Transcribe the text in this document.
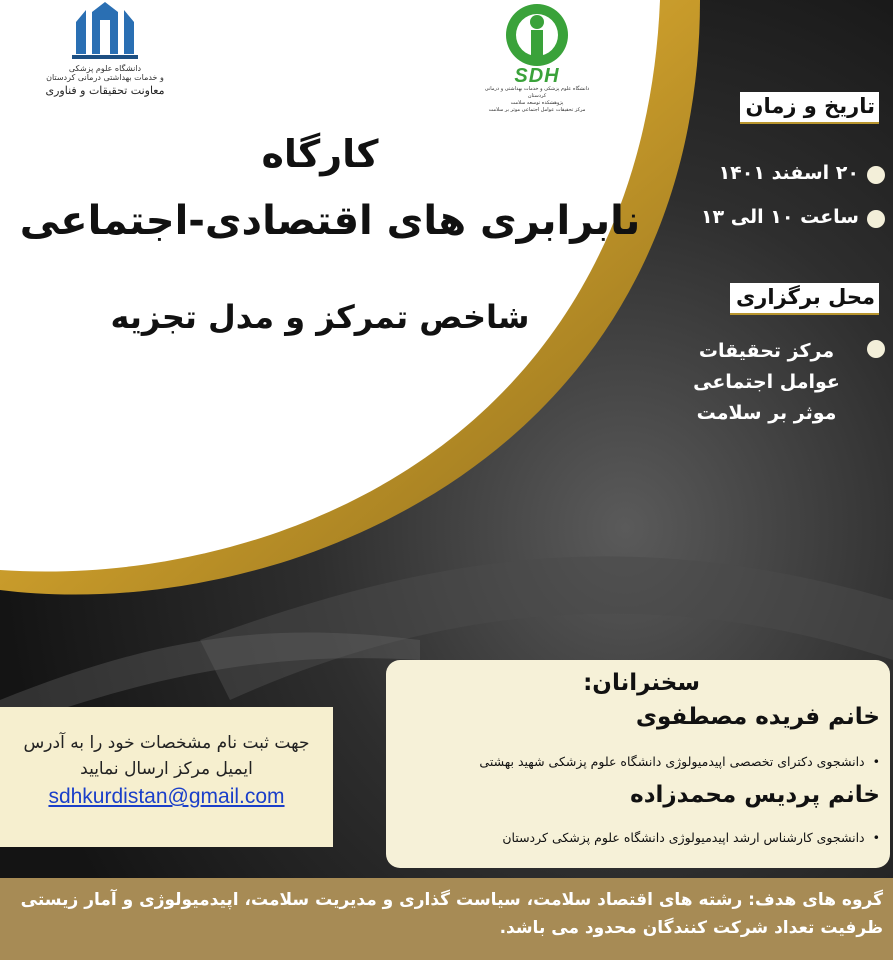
دانشگاه علوم پزشکی
و خدمات بهداشتی درمانی کردستان
معاونت تحقیقات و فناوری
SDH
دانشگاه علوم پزشکی و خدمات بهداشتی و درمانی کردستان
پژوهشکده توسعه سلامت
مرکز تحقیقات عوامل اجتماعی موثر بر سلامت
کارگاه
نابرابری های اقتصادی-اجتماعی
شاخص تمرکز و مدل تجزیه
تاریخ و زمان
۲۰ اسفند ۱۴۰۱
ساعت ۱۰ الی ۱۳
محل برگزاری
مرکز تحقیقات عوامل اجتماعی موثر بر سلامت
سخنرانان:
خانم فریده مصطفوی
•
دانشجوی دکترای تخصصی اپیدمیولوژی دانشگاه علوم پزشکی شهید بهشتی
خانم پردیس محمدزاده
•
دانشجوی کارشناس ارشد اپیدمیولوژی دانشگاه علوم پزشکی کردستان
جهت ثبت نام مشخصات خود را به آدرس
ایمیل مرکز ارسال نمایید
sdhkurdistan@gmail.com
گروه های هدف: رشته های اقتصاد سلامت، سیاست گذاری و مدیریت سلامت، اپیدمیولوژی و آمار زیستی
ظرفیت تعداد شرکت کنندگان محدود می باشد.
